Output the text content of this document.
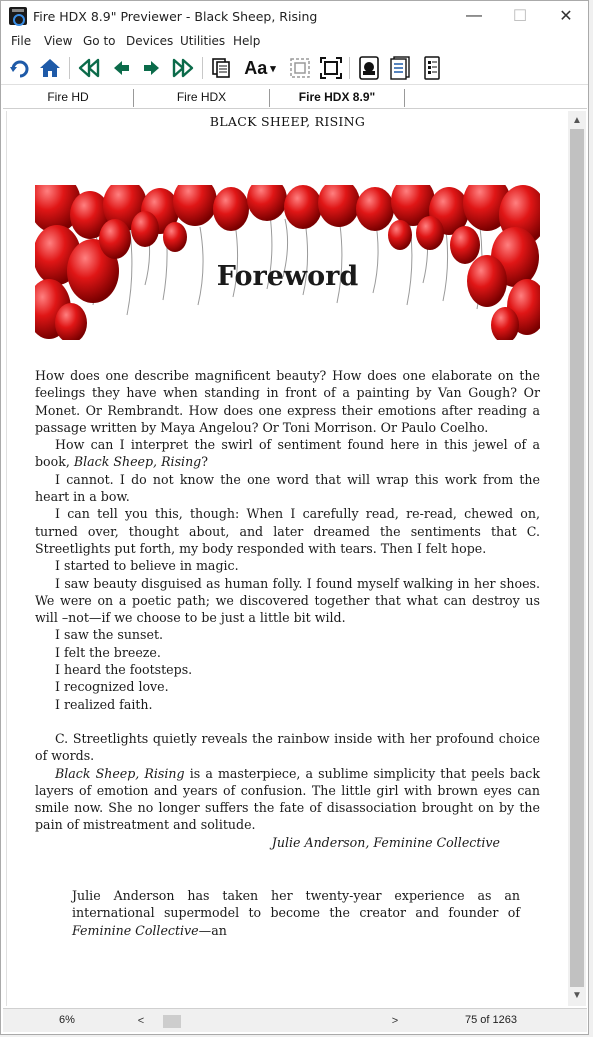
Fire HDX 8.9" Previewer - Black Sheep, Rising	—	☐	✕
File View Go to Devices Utilities Help
Aa ▾
Fire HD	Fire HDX	Fire HDX 8.9"
BLACK SHEEP, RISING
Foreword

How does one describe magnificent beauty? How does one elaborate on the feelings they have when standing in front of a painting by Van Gough? Or Monet. Or Rembrandt. How does one express their emotions after reading a passage written by Maya Angelou? Or Toni Morrison. Or Paulo Coelho.

How can I interpret the swirl of sentiment found here in this jewel of a book, Black Sheep, Rising?

I cannot. I do not know the one word that will wrap this work from the heart in a bow.

I can tell you this, though: When I carefully read, re-read, chewed on, turned over, thought about, and later dreamed the sentiments that C. Streetlights put forth, my body responded with tears. Then I felt hope.

I started to believe in magic.

I saw beauty disguised as human folly. I found myself walking in her shoes. We were on a poetic path; we discovered together that what can destroy us will –not—if we choose to be just a little bit wild.

I saw the sunset.

I felt the breeze.

I heard the footsteps.

I recognized love.

I realized faith.

C. Streetlights quietly reveals the rainbow inside with her profound choice of words.

Black Sheep, Rising is a masterpiece, a sublime simplicity that peels back layers of emotion and years of confusion. The little girl with brown eyes can smile now. She no longer suffers the fate of disassociation brought on by the pain of mistreatment and solitude.

Julie Anderson, Feminine Collective

Julie Anderson has taken her twenty-year experience as an international supermodel to become the creator and founder of Feminine Collective—an

▲
▼
6%	<	>	75 of 1263
